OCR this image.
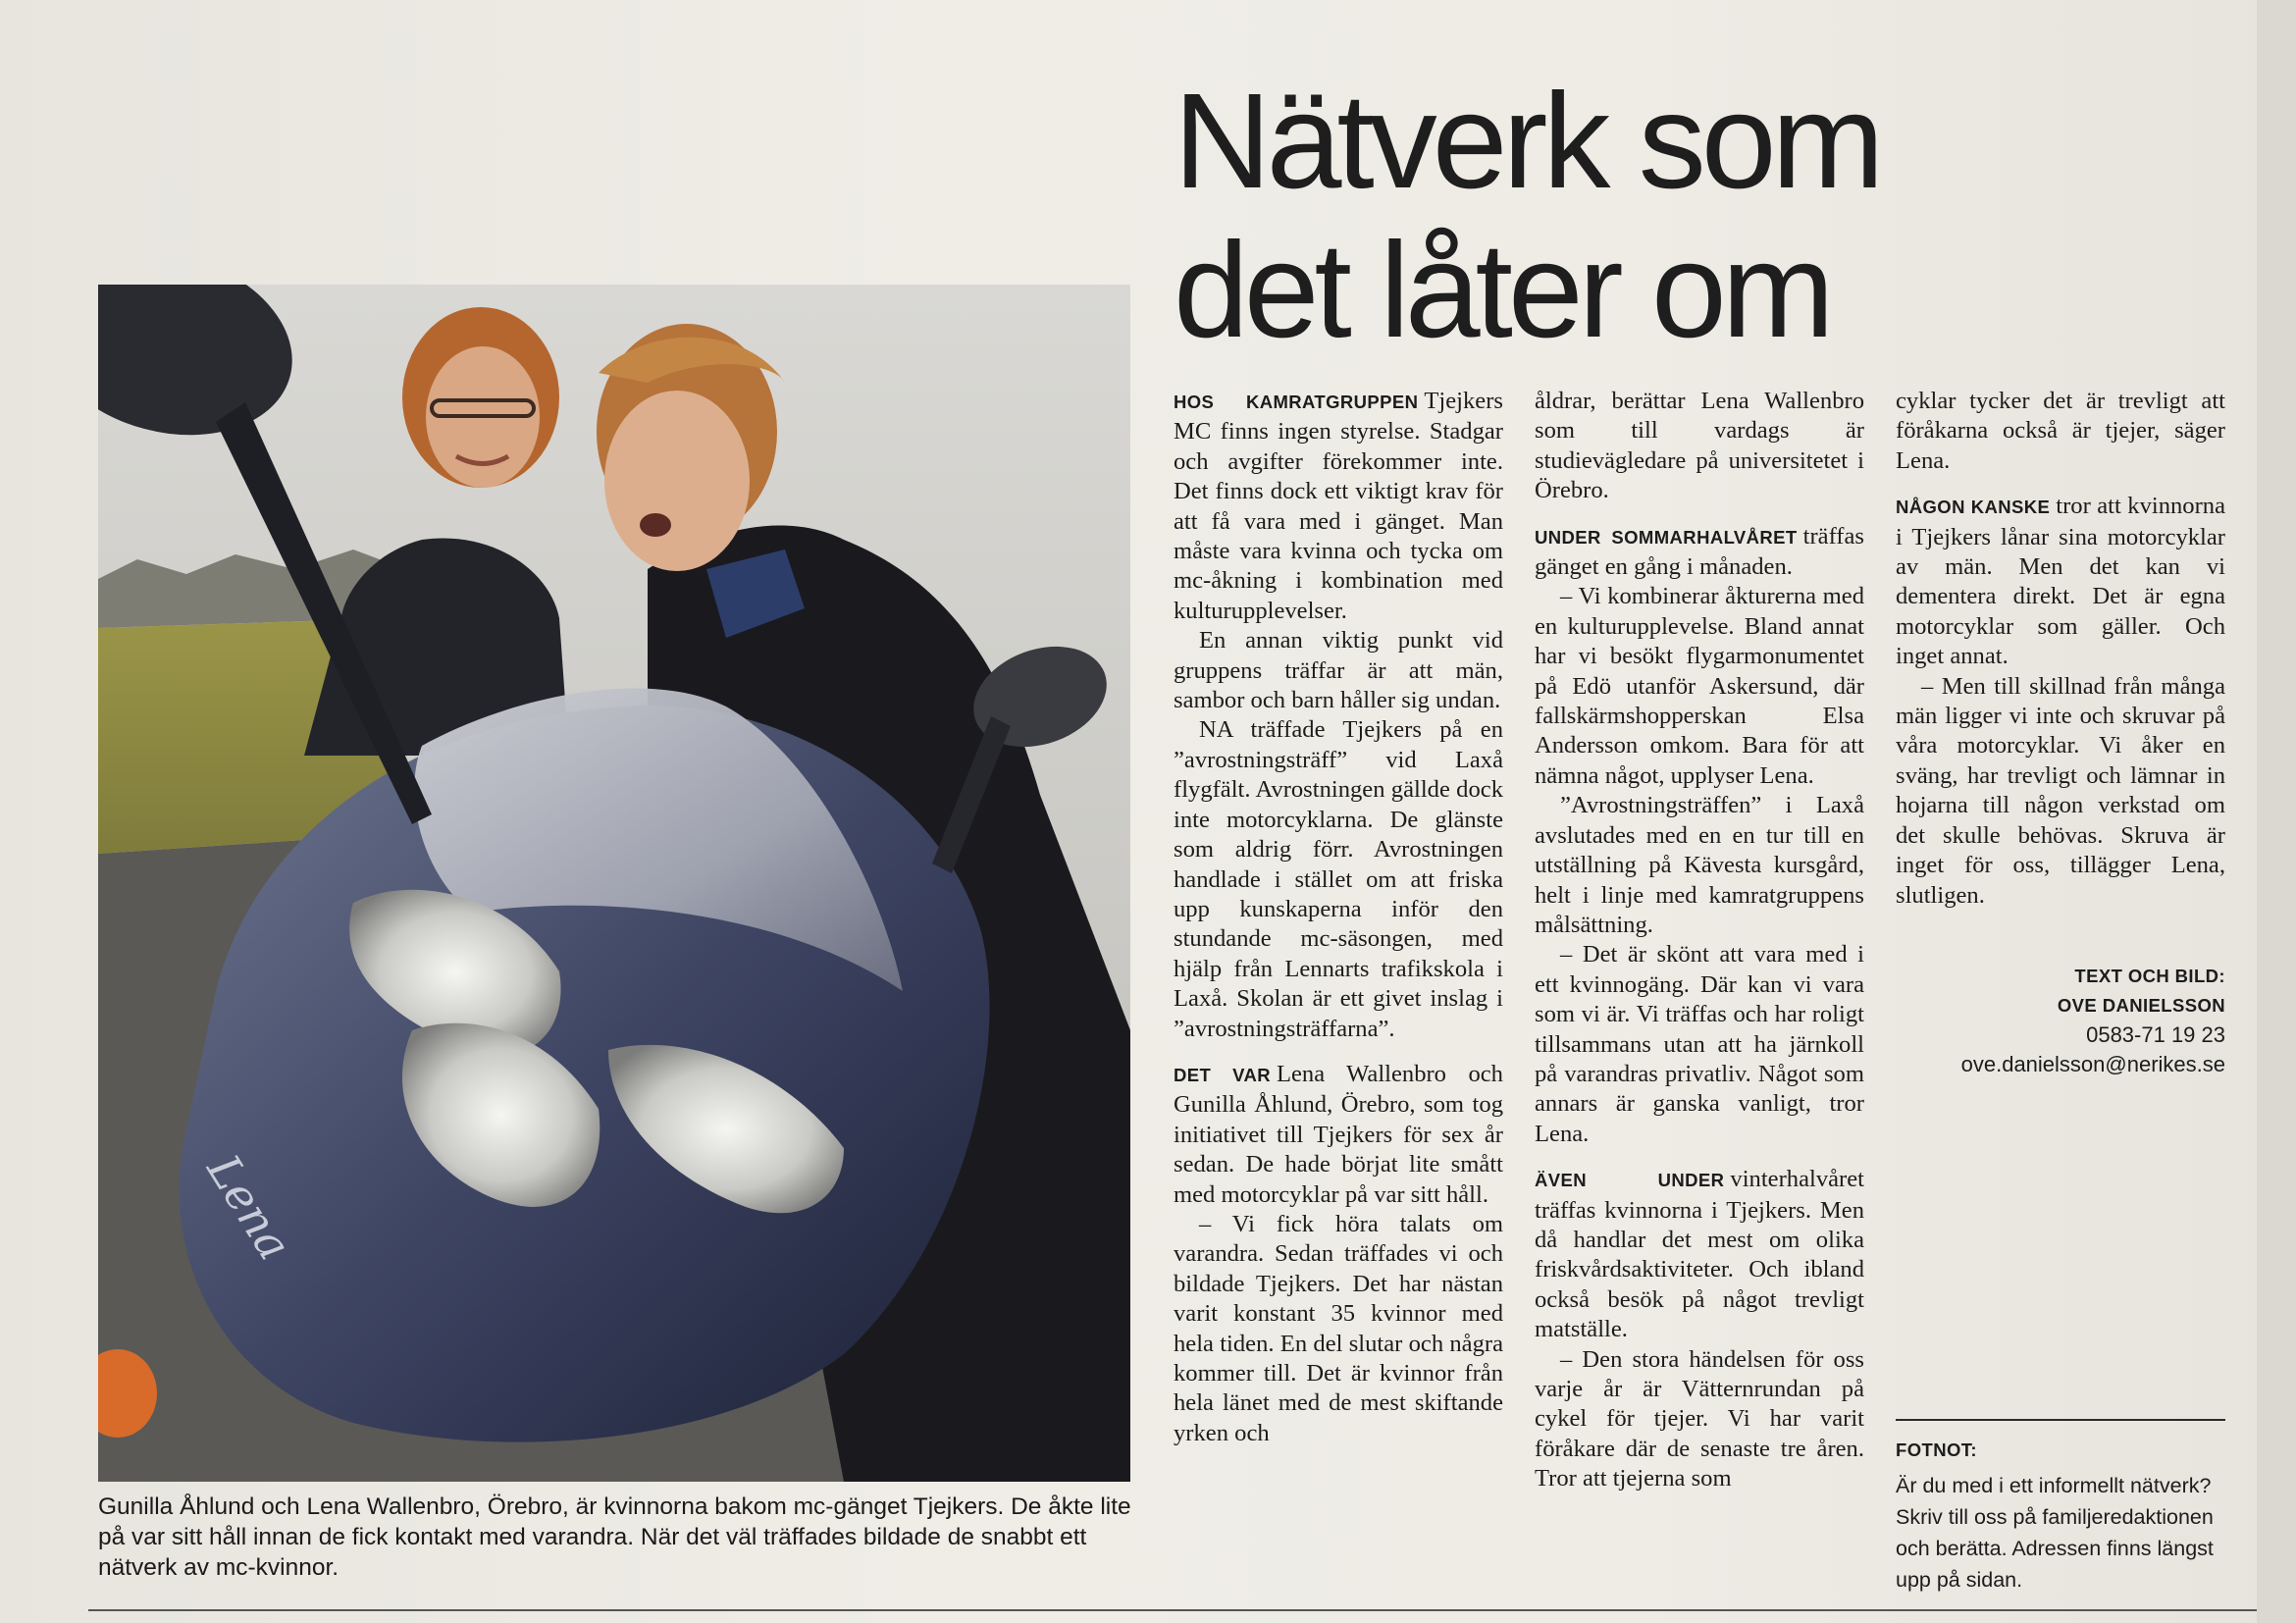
Lena
Gunilla Åhlund och Lena Wallenbro, Örebro, är kvinnorna bakom mc-gänget Tjejkers. De åkte lite på var sitt håll innan de fick kontakt med varandra. När det väl träffades bildade de snabbt ett nätverk av mc-kvinnor.
Nätverk som det låter om

HOS KAMRATGRUPPEN Tjejkers MC finns ingen styrelse. Stadgar och avgifter förekommer inte. Det finns dock ett viktigt krav för att få vara med i gänget. Man måste vara kvinna och tycka om mc-åkning i kombination med kulturupplevelser.

En annan viktig punkt vid gruppens träffar är att män, sambor och barn håller sig undan.

NA träffade Tjejkers på en ”avrostningsträff” vid Laxå flygfält. Avrostningen gällde dock inte motorcyklarna. De glänste som aldrig förr. Avrostningen handlade i stället om att friska upp kunskaperna inför den stundande mc-säsongen, med hjälp från Lennarts trafikskola i Laxå. Skolan är ett givet inslag i ”avrostningsträffarna”.

DET VAR Lena Wallenbro och Gunilla Åhlund, Örebro, som tog initiativet till Tjejkers för sex år sedan. De hade börjat lite smått med motorcyklar på var sitt håll.

– Vi fick höra talats om varandra. Sedan träffades vi och bildade Tjejkers. Det har nästan varit konstant 35 kvinnor med hela tiden. En del slutar och några kommer till. Det är kvinnor från hela länet med de mest skiftande yrken och

åldrar, berättar Lena Wallenbro som till vardags är studievägledare på universitetet i Örebro.

UNDER SOMMARHALVÅRET träffas gänget en gång i månaden.

– Vi kombinerar åkturerna med en kulturupplevelse. Bland annat har vi besökt flygarmonumentet på Edö utanför Askersund, där fallskärmshopperskan Elsa Andersson omkom. Bara för att nämna något, upplyser Lena.

”Avrostningsträffen” i Laxå avslutades med en en tur till en utställning på Kävesta kursgård, helt i linje med kamratgruppens målsättning.

– Det är skönt att vara med i ett kvinnogäng. Där kan vi vara som vi är. Vi träffas och har roligt tillsammans utan att ha järnkoll på varandras privatliv. Något som annars är ganska vanligt, tror Lena.

ÄVEN UNDER vinterhalvåret träffas kvinnorna i Tjejkers. Men då handlar det mest om olika friskvårdsaktiviteter. Och ibland också besök på något trevligt matställe.

– Den stora händelsen för oss varje år är Vätternrundan på cykel för tjejer. Vi har varit föråkare där de senaste tre åren. Tror att tjejerna som

cyklar tycker det är trevligt att föråkarna också är tjejer, säger Lena.

NÅGON KANSKE tror att kvinnorna i Tjejkers lånar sina motorcyklar av män. Men det kan vi dementera direkt. Det är egna motorcyklar som gäller. Och inget annat.

– Men till skillnad från många män ligger vi inte och skruvar på våra motorcyklar. Vi åker en sväng, har trevligt och lämnar in hojarna till någon verkstad om det skulle behövas. Skruva är inget för oss, tillägger Lena, slutligen.

TEXT OCH BILD:
OVE DANIELSSON
0583-71 19 23
ove.danielsson@nerikes.se
FOTNOT:
Är du med i ett informellt nätverk? Skriv till oss på familjeredaktionen och berätta. Adressen finns längst upp på sidan.
